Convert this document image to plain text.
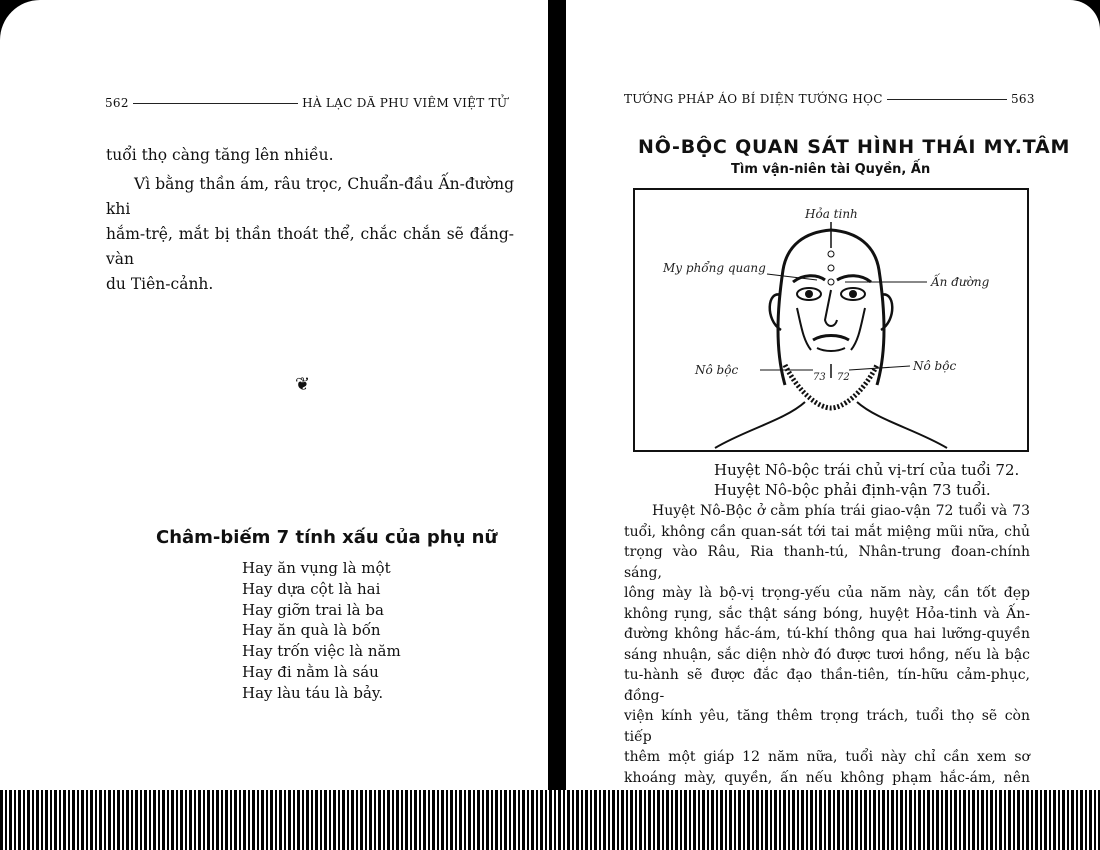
562	HÀ LẠC DÃ PHU VIÊM VIỆT TỬ
tuổi thọ càng tăng lên nhiều.
Vì bằng thần ám, râu trọc, Chuẩn-đầu Ấn-đường khi
hắm-trệ, mắt bị thần thoát thể, chắc chắn sẽ đắng-vàn
du Tiên-cảnh.
❦
Châm-biếm 7 tính xấu của phụ nữ
Hay ăn vụng là một
Hay dựa cột là hai
Hay giỡn trai là ba
Hay ăn quà là bốn
Hay trốn việc là năm
Hay đi nằm là sáu
Hay làu táu là bảy.
TƯỚNG PHÁP ÁO BÍ DIỆN TƯỚNG HỌC	563
NÔ-BỘC QUAN SÁT HÌNH THÁI MY.TÂM
Tìm vận-niên tài Quyền, Ấn
Hỏa tinh
My phổng quang
Ấn đường
Nô bộc	Nô bộc
73 72
Huyệt Nô-bộc trái chủ vị-trí của tuổi 72.
Huyệt Nô-bộc phải định-vận 73 tuổi.
Huyệt Nô-Bộc ở cằm phía trái giao-vận 72 tuổi và 73
tuổi, không cần quan-sát tới tai mắt miệng mũi nữa, chủ
trọng vào Râu, Ria thanh-tú, Nhân-trung đoan-chính sáng,
lông mày là bộ-vị trọng-yếu của năm này, cần tốt đẹp
không rụng, sắc thật sáng bóng, huyệt Hỏa-tinh và Ấn-
đường không hắc-ám, tú-khí thông qua hai lưỡng-quyền
sáng nhuận, sắc diện nhờ đó được tươi hồng, nếu là bậc
tu-hành sẽ được đắc đạo thần-tiên, tín-hữu cảm-phục, đồng-
viện kính yêu, tăng thêm trọng trách, tuổi thọ sẽ còn tiếp
thêm một giáp 12 năm nữa, tuổi này chỉ cần xem sơ
khoáng mày, quyền, ấn nếu không phạm hắc-ám, nên
